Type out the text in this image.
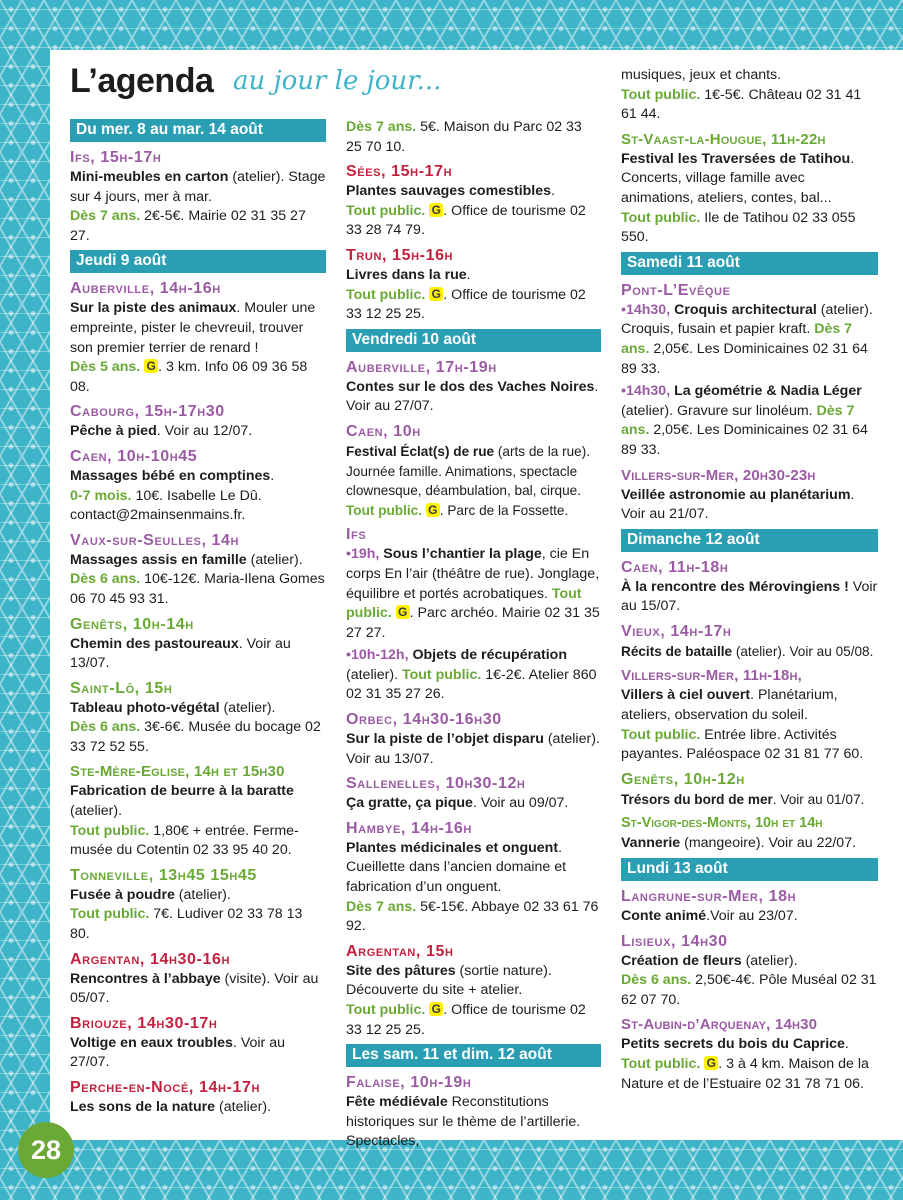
L’agenda au jour le jour...
Du mer. 8 au mar. 14 août
Ifs, 15h-17h
Mini-meubles en carton (atelier). Stage sur 4 jours, mer à mar.
Dès 7 ans. 2€-5€. Mairie 02 31 35 27 27.
Jeudi 9 août
Auberville, 14h-16h
Sur la piste des animaux. Mouler une empreinte, pister le chevreuil, trouver son premier terrier de renard !
Dès 5 ans. G . 3 km. Info 06 09 36 58 08.
Cabourg, 15h-17h30
Pêche à pied. Voir au 12/07.
Caen, 10h-10h45
Massages bébé en comptines.
0-7 mois. 10€. Isabelle Le Dû. contact@2mainsenmains.fr.
Vaux-sur-Seulles, 14h
Massages assis en famille (atelier).
Dès 6 ans. 10€-12€. Maria-Ilena Gomes 06 70 45 93 31.
Genêts, 10h-14h
Chemin des pastoureaux. Voir au 13/07.
Saint-Lô, 15h
Tableau photo-végétal (atelier).
Dès 6 ans. 3€-6€. Musée du bocage 02 33 72 52 55.
Ste-Mère-Eglise, 14h et 15h30
Fabrication de beurre à la baratte (atelier).
Tout public. 1,80€ + entrée. Ferme-musée du Cotentin 02 33 95 40 20.
Tonneville, 13h45 15h45
Fusée à poudre (atelier).
Tout public. 7€. Ludiver 02 33 78 13 80.
Argentan, 14h30-16h
Rencontres à l’abbaye (visite). Voir au 05/07.
Briouze, 14h30-17h
Voltige en eaux troubles. Voir au 27/07.
Perche-en-Nocé, 14h-17h
Les sons de la nature (atelier).
Dès 7 ans. 5€. Maison du Parc 02 33 25 70 10.
Sées, 15h-17h
Plantes sauvages comestibles.
Tout public. G . Office de tourisme 02 33 28 74 79.
Trun, 15h-16h
Livres dans la rue.
Tout public. G . Office de tourisme 02 33 12 25 25.
Vendredi 10 août
Auberville, 17h-19h
Contes sur le dos des Vaches Noires. Voir au 27/07.
Caen, 10h
Festival Éclat(s) de rue (arts de la rue). Journée famille. Animations, spectacle clownesque, déambulation, bal, cirque.
Tout public. G . Parc de la Fossette.
Ifs
•19h, Sous l’chantier la plage, cie En corps En l’air (théâtre de rue). Jonglage, équilibre et portés acrobatiques. Tout public. G . Parc archéo. Mairie 02 31 35 27 27.
•10h-12h, Objets de récupération (atelier). Tout public. 1€-2€. Atelier 860 02 31 35 27 26.
Orbec, 14h30-16h30
Sur la piste de l’objet disparu (atelier). Voir au 13/07.
Sallenelles, 10h30-12h
Ça gratte, ça pique. Voir au 09/07.
Hambye, 14h-16h
Plantes médicinales et onguent. Cueillette dans l’ancien domaine et fabrication d’un onguent.
Dès 7 ans. 5€-15€. Abbaye 02 33 61 76 92.
Argentan, 15h
Site des pâtures (sortie nature). Découverte du site + atelier.
Tout public. G . Office de tourisme 02 33 12 25 25.
Les sam. 11 et dim. 12 août
Falaise, 10h-19h
Fête médiévale Reconstitutions historiques sur le thème de l’artillerie. Spectacles,
musiques, jeux et chants.
Tout public. 1€-5€. Château 02 31 41 61 44.
St-Vaast-la-Hougue, 11h-22h
Festival les Traversées de Tatihou. Concerts, village famille avec animations, ateliers, contes, bal...
Tout public. Ile de Tatihou 02 33 055 550.
Samedi 11 août
Pont-L’Evêque
•14h30, Croquis architectural (atelier). Croquis, fusain et papier kraft. Dès 7 ans. 2,05€. Les Dominicaines 02 31 64 89 33.
•14h30, La géométrie & Nadia Léger (atelier). Gravure sur linoléum. Dès 7 ans. 2,05€. Les Dominicaines 02 31 64 89 33.
Villers-sur-Mer, 20h30-23h
Veillée astronomie au planétarium. Voir au 21/07.
Dimanche 12 août
Caen, 11h-18h
À la rencontre des Mérovingiens ! Voir au 15/07.
Vieux, 14h-17h
Récits de bataille (atelier). Voir au 05/08.
Villers-sur-Mer, 11h-18h,
Villers à ciel ouvert. Planétarium, ateliers, observation du soleil.
Tout public. Entrée libre. Activités payantes. Paléospace 02 31 81 77 60.
Genêts, 10h-12h
Trésors du bord de mer. Voir au 01/07.
St-Vigor-des-Monts, 10h et 14h
Vannerie (mangeoire). Voir au 22/07.
Lundi 13 août
Langrune-sur-Mer, 18h
Conte animé.Voir au 23/07.
Lisieux, 14h30
Création de fleurs (atelier).
Dès 6 ans. 2,50€-4€. Pôle Muséal 02 31 62 07 70.
St-Aubin-d’Arquenay, 14h30
Petits secrets du bois du Caprice.
Tout public. G . 3 à 4 km. Maison de la Nature et de l’Estuaire 02 31 78 71 06.
28
